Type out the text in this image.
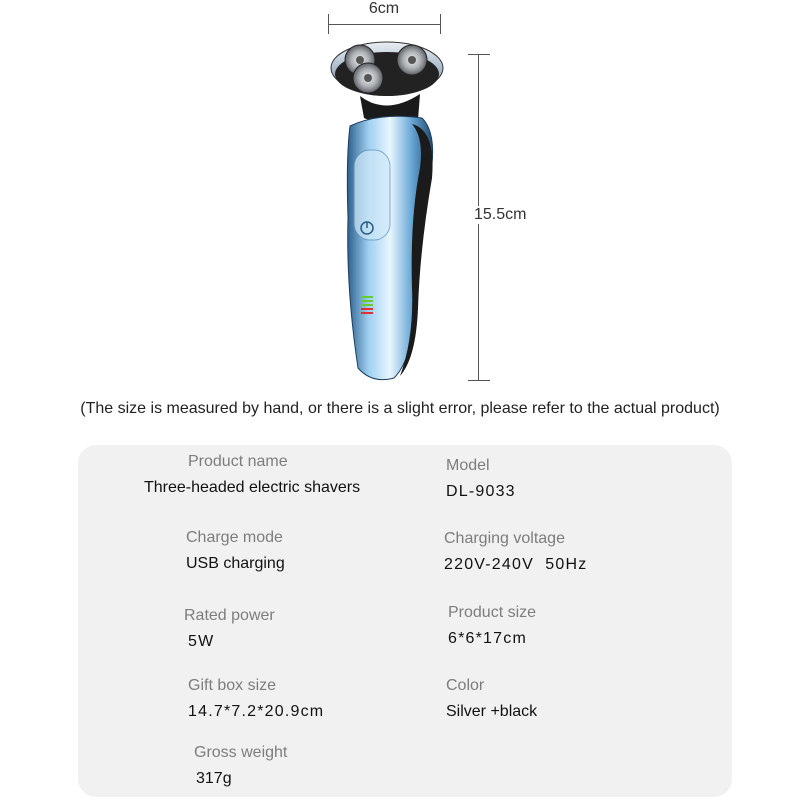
6cm
15.5cm
(The size is measured by hand, or there is a slight error, please refer to the actual product)
Product name
Three-headed electric shavers
Model
DL-9033
Charge mode
USB charging
Charging voltage
220V-240V  50Hz
Rated power
5W
Product size
6*6*17cm
Gift box size
14.7*7.2*20.9cm
Color
Silver +black
Gross weight
317g
